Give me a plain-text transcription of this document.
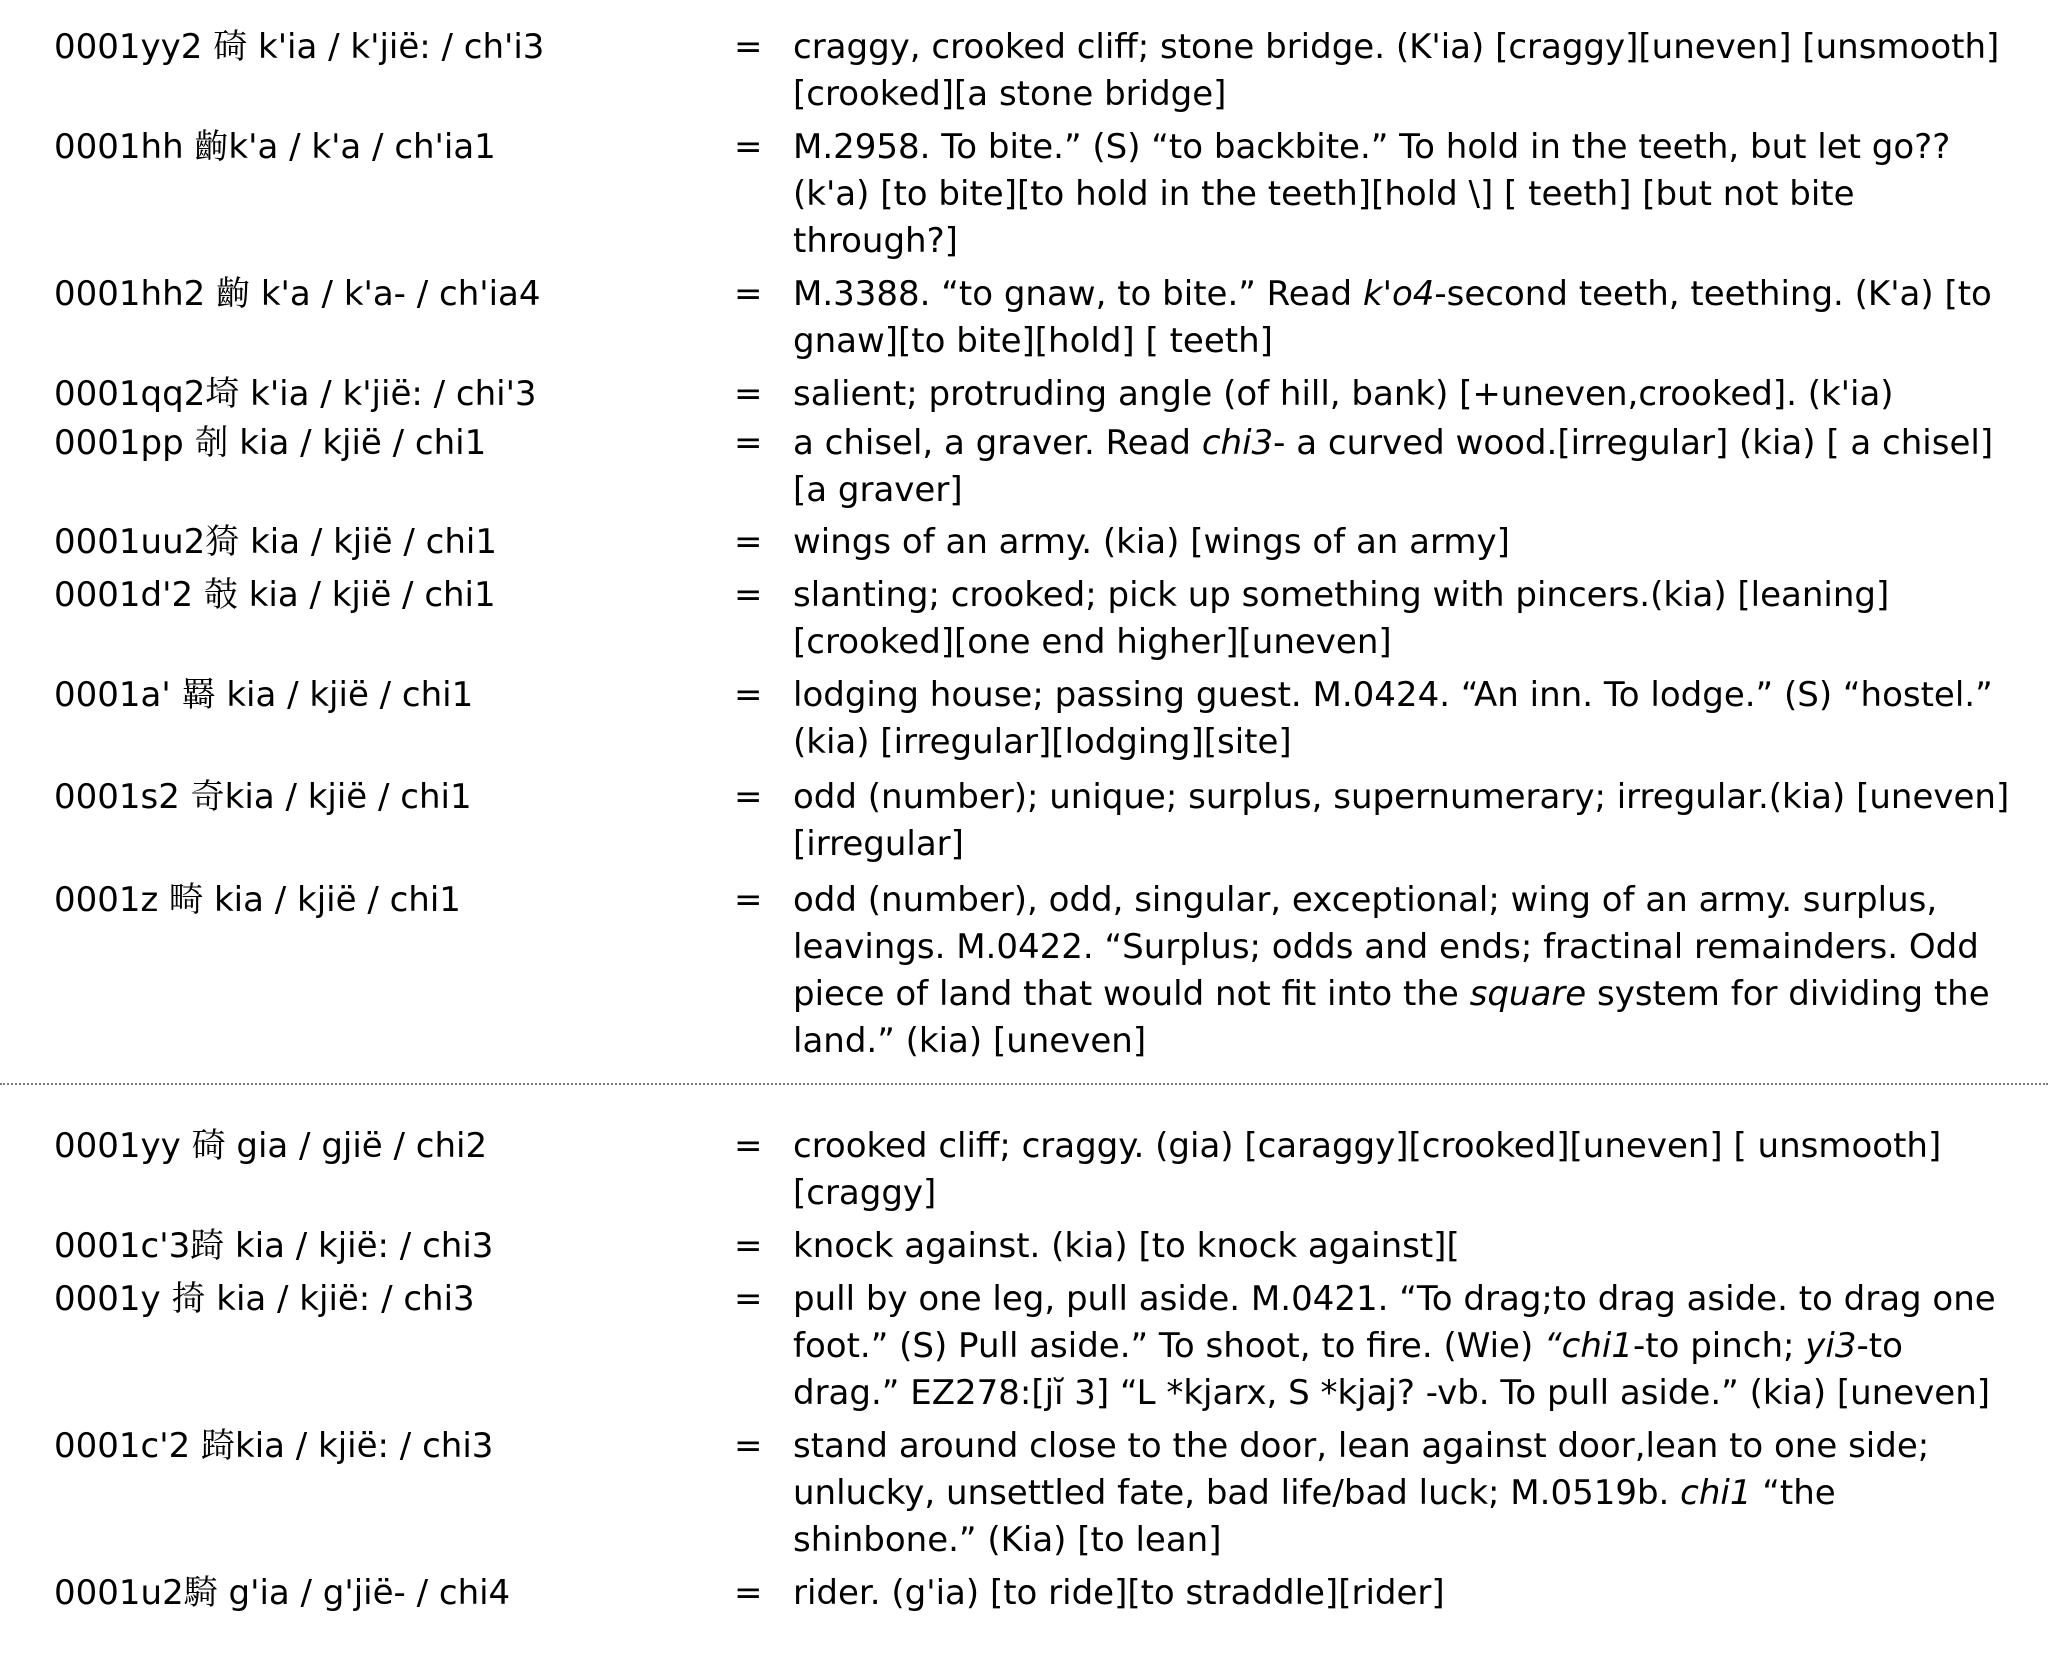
0001yy2 碕 k'ia / k'jië: / ch'i3	= craggy, crooked cliff; stone bridge. (K'ia) [craggy][uneven] [unsmooth][crooked][a stone bridge]
0001hh 齣k'a / k'a / ch'ia1	= M.2958. To bite.” (S) “to backbite.” To hold in the teeth, but let go??(k'a) [to bite][to hold in the teeth][hold \] [ teeth] [but not bite through?]
0001hh2 齣 k'a / k'a- / ch'ia4	= M.3388. “to gnaw, to bite.” Read k'o4-second teeth, teething. (K'a) [to gnaw][to bite][hold] [ teeth]
0001qq2埼 k'ia / k'jië: / chi'3	= salient; protruding angle (of hill, bank) [+uneven,crooked]. (k'ia)
0001pp 剞 kia / kjië / chi1	= a chisel, a graver. Read chi3- a curved wood.[irregular] (kia) [ a chisel][a graver]
0001uu2猗 kia / kjië / chi1	= wings of an army. (kia) [wings of an army]
0001d'2 攲 kia / kjië / chi1	= slanting; crooked; pick up something with pincers.(kia) [leaning][crooked][one end higher][uneven]
0001a' 羇 kia / kjië / chi1	= lodging house; passing guest. M.0424. “An inn. To lodge.” (S) “hostel.” (kia) [irregular][lodging][site]
0001s2 奇kia / kjië / chi1	= odd (number); unique; surplus, supernumerary; irregular.(kia) [uneven] [irregular]
0001z 畸 kia / kjië / chi1	= odd (number), odd, singular, exceptional; wing of an army. surplus, leavings. M.0422. “Surplus; odds and ends; fractinal remainders. Odd piece of land that would not fit into the square system for dividing the land.” (kia) [uneven]
0001yy 碕 gia / gjië / chi2	= crooked cliff; craggy. (gia) [caraggy][crooked][uneven] [ unsmooth][craggy]
0001c'3踦 kia / kjië: / chi3	= knock against. (kia) [to knock against][
0001y 掎 kia / kjië: / chi3	= pull by one leg, pull aside. M.0421. “To drag;to drag aside. to drag one foot.” (S) Pull aside.” To shoot, to fire. (Wie) “chi1-to pinch; yi3-to drag.” EZ278:[jĭ 3] “L *kjarx, S *kjaj? -vb. To pull aside.” (kia) [uneven]
0001c'2 踦kia / kjië: / chi3	= stand around close to the door, lean against door,lean to one side; unlucky, unsettled fate, bad life/bad luck; M.0519b. chi1 “the shinbone.” (Kia) [to lean]
0001u2騎 g'ia / g'jië- / chi4	= rider. (g'ia) [to ride][to straddle][rider]
